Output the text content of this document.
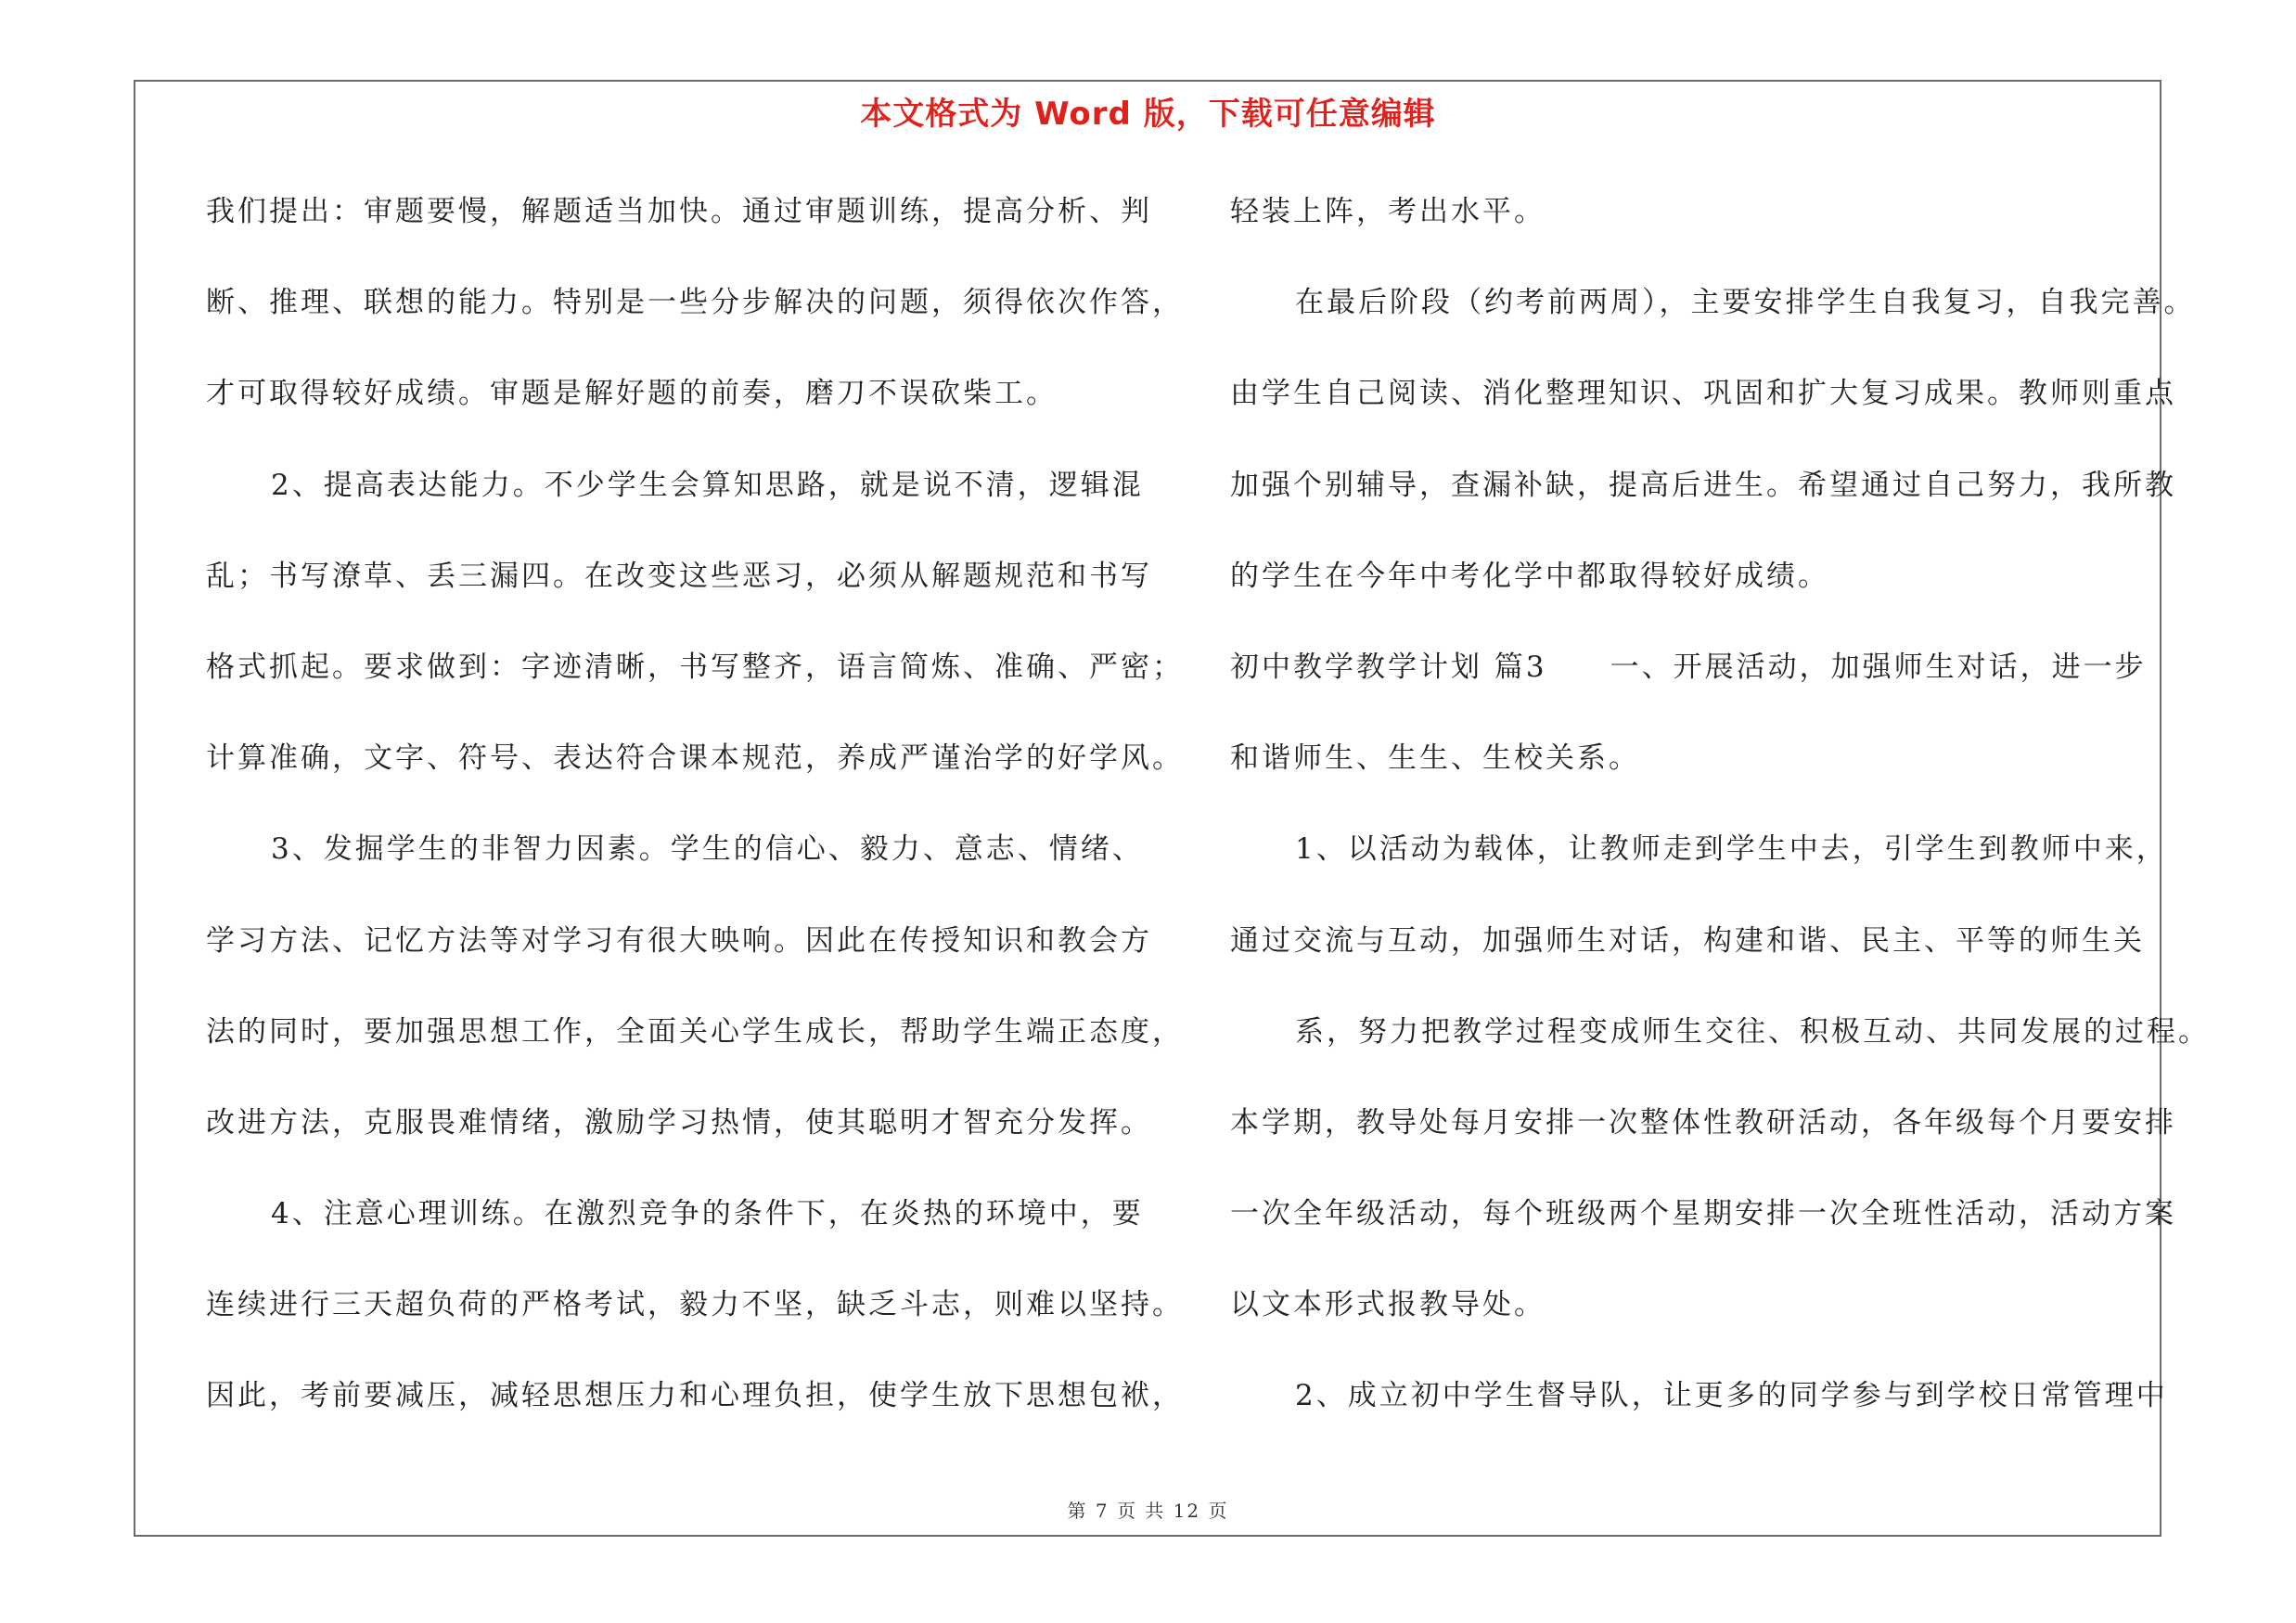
本文格式为 Word 版，下载可任意编辑
我们提出：审题要慢，解题适当加快。通过审题训练，提高分析、判
断、推理、联想的能力。特别是一些分步解决的问题，须得依次作答，
才可取得较好成绩。审题是解好题的前奏，磨刀不误砍柴工。
2、提高表达能力。不少学生会算知思路，就是说不清，逻辑混
乱；书写潦草、丢三漏四。在改变这些恶习，必须从解题规范和书写
格式抓起。要求做到：字迹清晰，书写整齐，语言简炼、准确、严密；
计算准确，文字、符号、表达符合课本规范，养成严谨治学的好学风。
3、发掘学生的非智力因素。学生的信心、毅力、意志、情绪、
学习方法、记忆方法等对学习有很大映响。因此在传授知识和教会方
法的同时，要加强思想工作，全面关心学生成长，帮助学生端正态度，
改进方法，克服畏难情绪，激励学习热情，使其聪明才智充分发挥。
4、注意心理训练。在激烈竞争的条件下，在炎热的环境中，要
连续进行三天超负荷的严格考试，毅力不坚，缺乏斗志，则难以坚持。
因此，考前要减压，减轻思想压力和心理负担，使学生放下思想包袱，
轻装上阵，考出水平。
在最后阶段（约考前两周），主要安排学生自我复习，自我完善。
由学生自己阅读、消化整理知识、巩固和扩大复习成果。教师则重点
加强个别辅导，查漏补缺，提高后进生。希望通过自己努力，我所教
的学生在今年中考化学中都取得较好成绩。
初中教学教学计划 篇3　　一、开展活动，加强师生对话，进一步
和谐师生、生生、生校关系。
1、以活动为载体，让教师走到学生中去，引学生到教师中来，
通过交流与互动，加强师生对话，构建和谐、民主、平等的师生关
系，努力把教学过程变成师生交往、积极互动、共同发展的过程。
本学期，教导处每月安排一次整体性教研活动，各年级每个月要安排
一次全年级活动，每个班级两个星期安排一次全班性活动，活动方案
以文本形式报教导处。
2、成立初中学生督导队，让更多的同学参与到学校日常管理中
第 7 页 共 12 页
